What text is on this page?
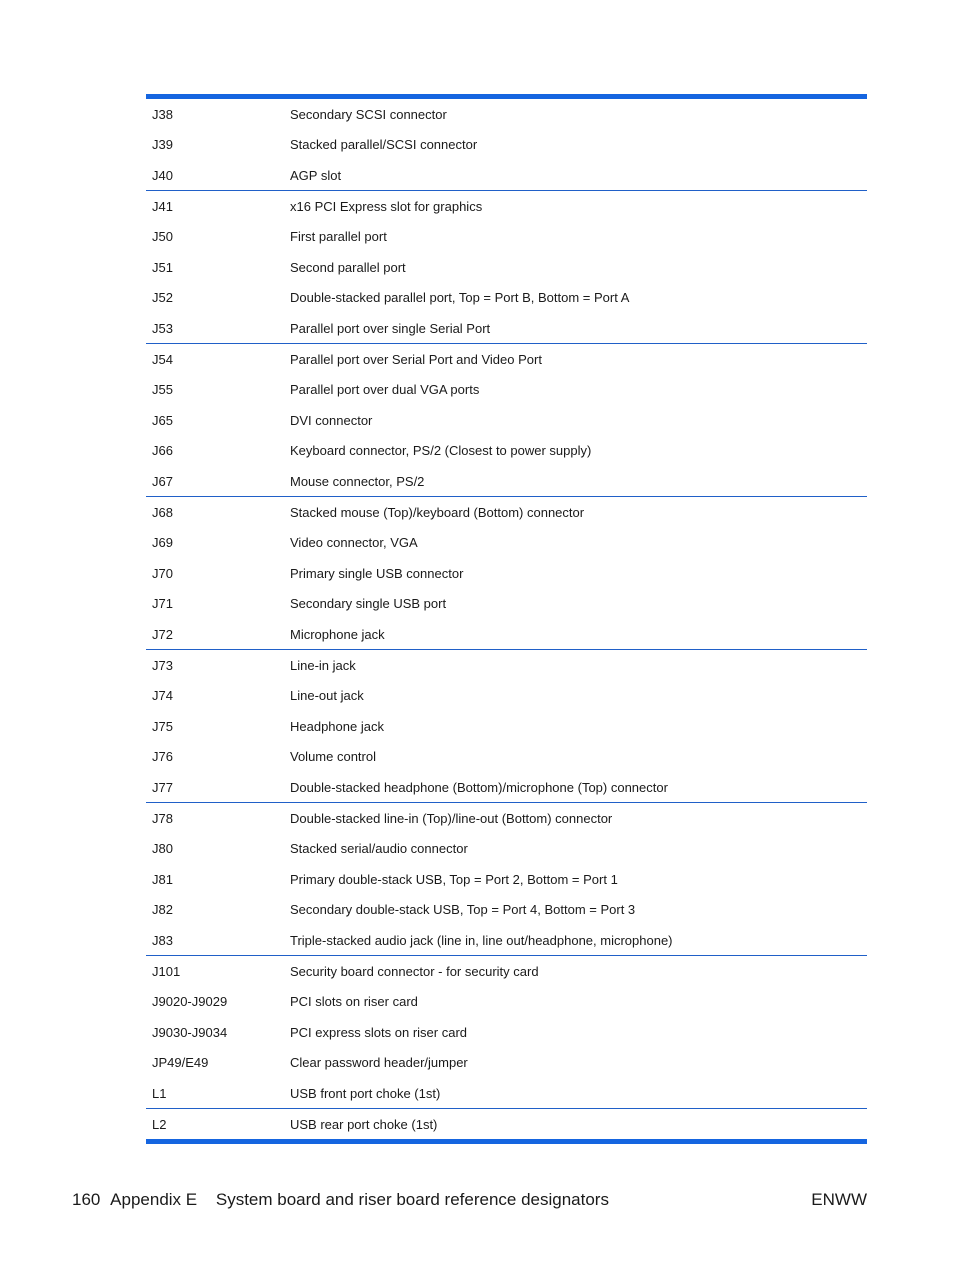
J38	Secondary SCSI connector
J39	Stacked parallel/SCSI connector
J40	AGP slot
J41	x16 PCI Express slot for graphics
J50	First parallel port
J51	Second parallel port
J52	Double-stacked parallel port, Top = Port B, Bottom = Port A
J53	Parallel port over single Serial Port
J54	Parallel port over Serial Port and Video Port
J55	Parallel port over dual VGA ports
J65	DVI connector
J66	Keyboard connector, PS/2 (Closest to power supply)
J67	Mouse connector, PS/2
J68	Stacked mouse (Top)/keyboard (Bottom) connector
J69	Video connector, VGA
J70	Primary single USB connector
J71	Secondary single USB port
J72	Microphone jack
J73	Line-in jack
J74	Line-out jack
J75	Headphone jack
J76	Volume control
J77	Double-stacked headphone (Bottom)/microphone (Top) connector
J78	Double-stacked line-in (Top)/line-out (Bottom) connector
J80	Stacked serial/audio connector
J81	Primary double-stack USB, Top = Port 2, Bottom = Port 1
J82	Secondary double-stack USB, Top = Port 4, Bottom = Port 3
J83	Triple-stacked audio jack (line in, line out/headphone, microphone)
J101	Security board connector - for security card
J9020-J9029	PCI slots on riser card
J9030-J9034	PCI express slots on riser card
JP49/E49	Clear password header/jumper
L1	USB front port choke (1st)
L2	USB rear port choke (1st)
160 Appendix E System board and riser board reference designators	ENWW
